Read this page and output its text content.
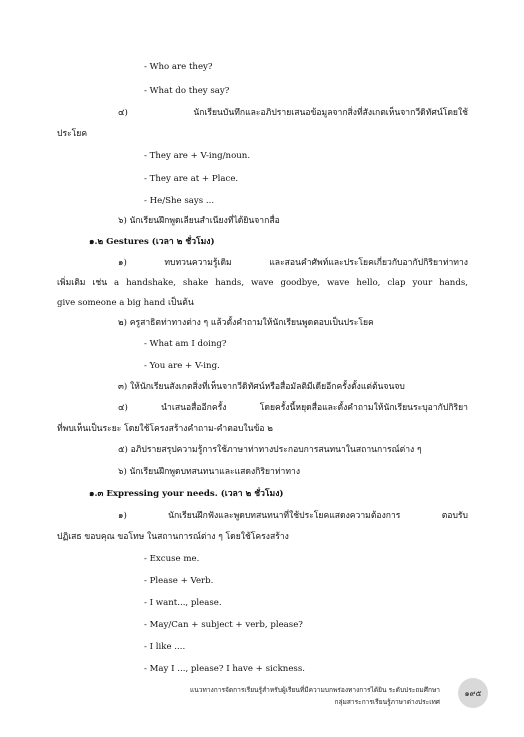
- Who are they?
- What do they say?
๔) นักเรียนบันทึกและอภิปรายเสนอข้อมูลจากสิ่งที่สังเกตเห็นจากวีดิทัศน์โดยใช้
ประโยค
- They are + V-ing/noun.
- They are at + Place.
- He/She says ...
๖) นักเรียนฝึกพูดเลียนสำเนียงที่ได้ยินจากสื่อ
๑.๒ Gestures (เวลา ๒ ชั่วโมง)
๑) ทบทวนความรู้เดิม และสอนคำศัพท์และประโยคเกี่ยวกับอากัปกิริยาท่าทาง
เพิ่มเติม เช่น a handshake, shake hands, wave goodbye, wave hello, clap your hands,
give someone a big hand เป็นต้น
๒) ครูสาธิตท่าทางต่าง ๆ แล้วตั้งคำถามให้นักเรียนพูดตอบเป็นประโยค
- What am I doing?
- You are + V-ing.
๓) ให้นักเรียนสังเกตสิ่งที่เห็นจากวีดิทัศน์หรือสื่อมัลติมีเดียอีกครั้งตั้งแต่ต้นจนจบ
๔) นำเสนอสื่ออีกครั้ง โดยครั้งนี้หยุดสื่อและตั้งคำถามให้นักเรียนระบุอากัปกิริยา
ที่พบเห็นเป็นระยะ โดยใช้โครงสร้างคำถาม-คำตอบในข้อ ๒
๕) อภิปรายสรุปความรู้การใช้ภาษาท่าทางประกอบการสนทนาในสถานการณ์ต่าง ๆ
๖) นักเรียนฝึกพูดบทสนทนาและแสดงกิริยาท่าทาง
๑.๓ Expressing your needs. (เวลา ๒ ชั่วโมง)
๑) นักเรียนฝึกฟังและพูดบทสนทนาที่ใช้ประโยคแสดงความต้องการ ตอบรับ
ปฏิเสธ ขอบคุณ ขอโทษ ในสถานการณ์ต่าง ๆ โดยใช้โครงสร้าง
- Excuse me.
- Please + Verb.
- I want..., please.
- May/Can + subject + verb, please?
- I like ....
- May I ..., please? I have + sickness.
แนวทางการจัดการเรียนรู้สำหรับผู้เรียนที่มีความบกพร่องทางการได้ยิน ระดับประถมศึกษา
กลุ่มสาระการเรียนรู้ภาษาต่างประเทศ
๑๙๕
